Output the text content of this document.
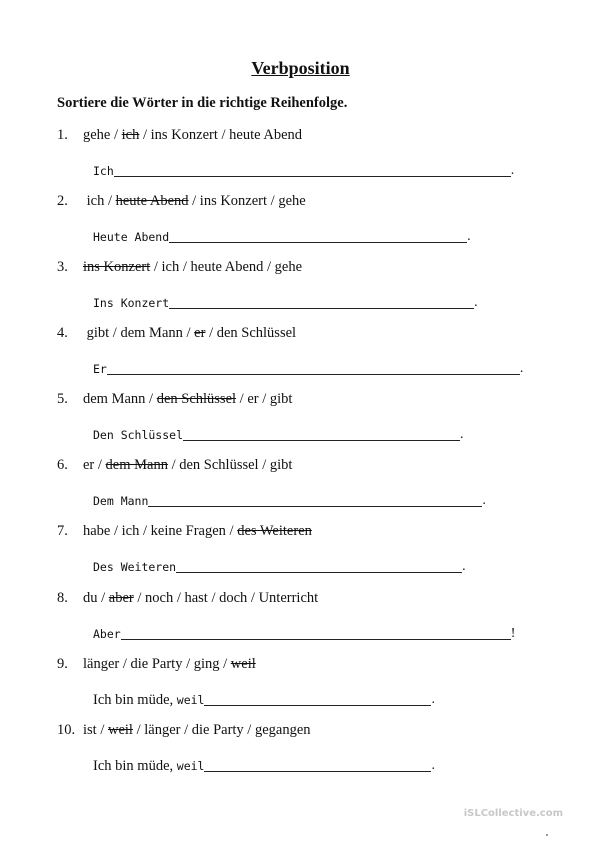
Verbposition
Sortiere die Wörter in die richtige Reihenfolge.
1. gehe / ich / ins Konzert / heute Abend
Ich	.
2. ich / heute Abend / ins Konzert / gehe
Heute Abend	.
3. ins Konzert / ich / heute Abend / gehe
Ins Konzert	.
4. gibt / dem Mann / er / den Schlüssel
Er	.
5. dem Mann / den Schlüssel / er / gibt
Den Schlüssel	.
6. er / dem Mann / den Schlüssel / gibt
Dem Mann	.
7. habe / ich / keine Fragen / des Weiteren
Des Weiteren	.
8. du / aber / noch / hast / doch / Unterricht
Aber	!
9. länger / die Party / ging / weil
Ich bin müde, weil	.
10. ist / weil / länger / die Party / gegangen
Ich bin müde, weil	.
iSLCollective.com
